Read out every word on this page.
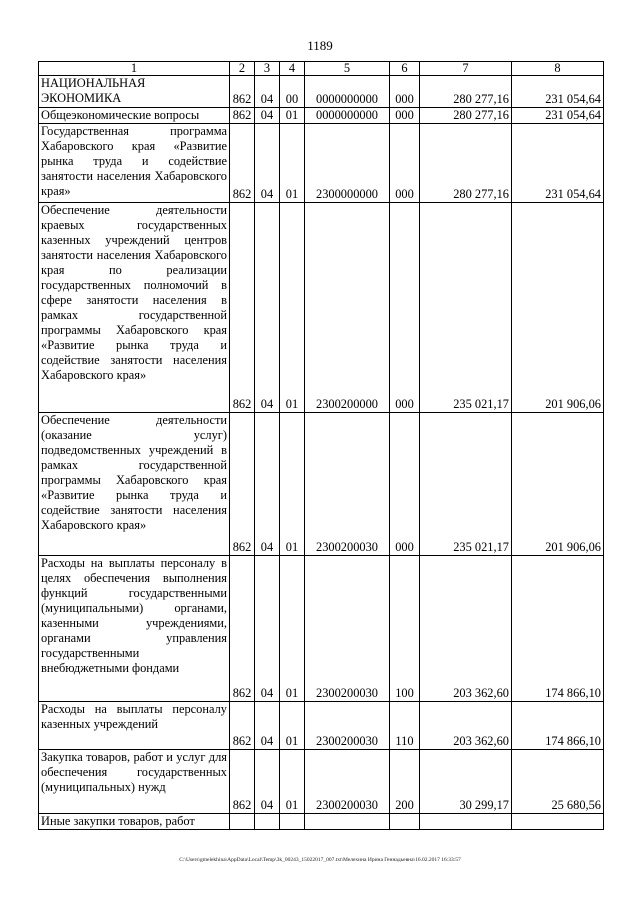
1189
1	2	3	4	5	6	7	8
НАЦИОНАЛЬНАЯ ЭКОНОМИКА	862	04	00	0000000000	000	280 277,16	231 054,64
Общеэкономические вопросы	862	04	01	0000000000	000	280 277,16	231 054,64
Государственная программа Хабаровского края «Развитие рынка труда и содействие занятости населения Хабаровского края»	862	04	01	2300000000	000	280 277,16	231 054,64
Обеспечение деятельности краевых государственных казенных учреждений центров занятости населения Хабаровского края по реализации государственных полномочий в сфере занятости населения в рамках государственной программы Хабаровского края «Развитие рынка труда и содействие занятости населения Хабаровского края»	862	04	01	2300200000	000	235 021,17	201 906,06
Обеспечение деятельности (оказание услуг) подведомственных учреждений в рамках государственной программы Хабаровского края «Развитие рынка труда и содействие занятости населения Хабаровского края»	862	04	01	2300200030	000	235 021,17	201 906,06
Расходы на выплаты персоналу в целях обеспечения выполнения функций государственными (муниципальными) органами, казенными учреждениями, органами управления государственными внебюджетными фондами	862	04	01	2300200030	100	203 362,60	174 866,10
Расходы на выплаты персоналу казенных учреждений	862	04	01	2300200030	110	203 362,60	174 866,10
Закупка товаров, работ и услуг для обеспечения государственных (муниципальных) нужд	862	04	01	2300200030	200	30 299,17	25 680,56
Иные закупки товаров, работ							
C:\Users\gmelekhina\AppData\Local\Temp\3k_00243_15022017_007.txt\Мелехина Ирина Геннадьевна\16.02.2017 16:33:57
